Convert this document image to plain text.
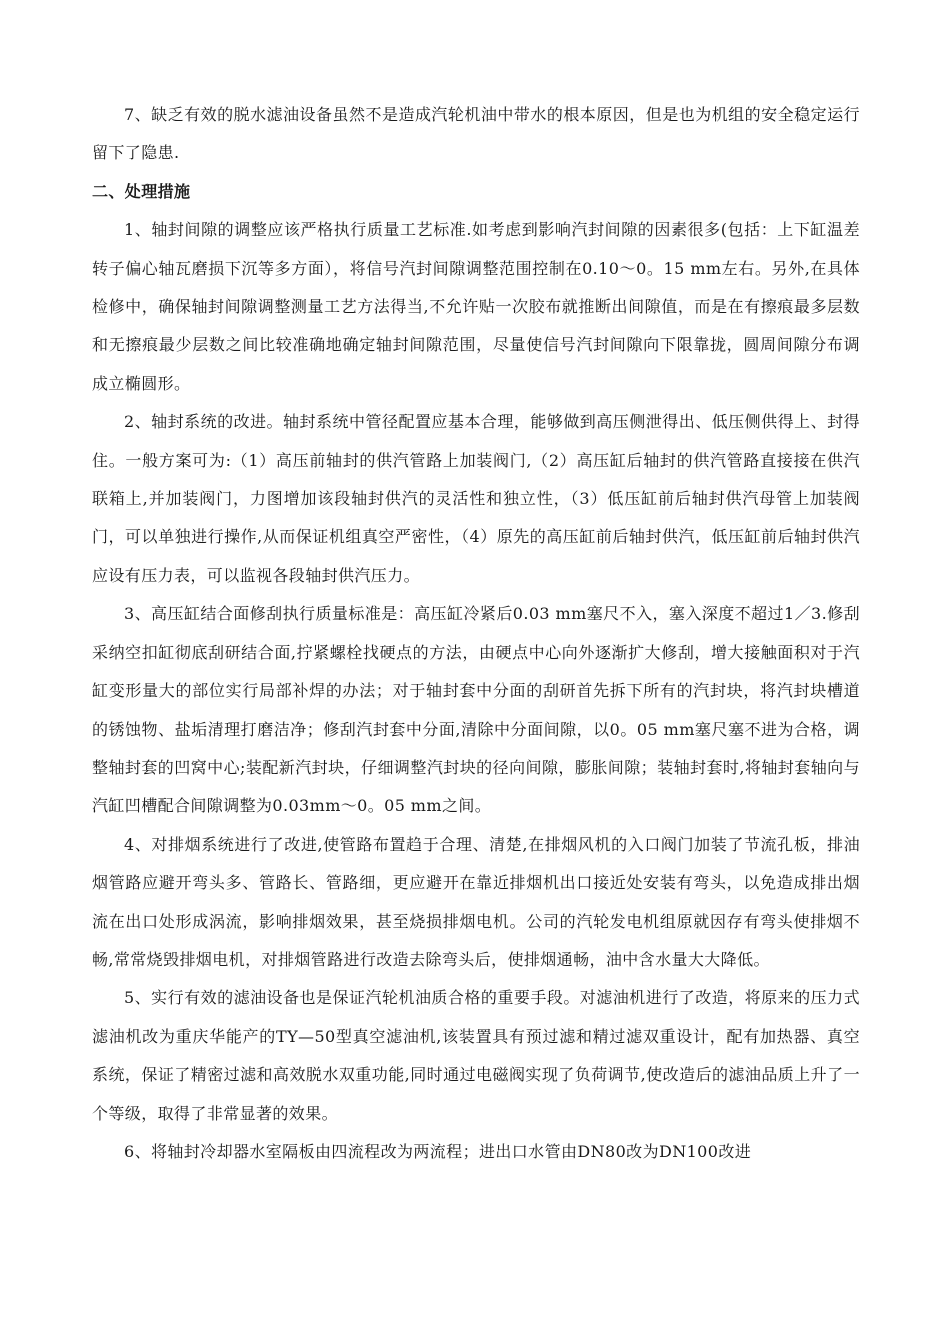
7、缺乏有效的脱水滤油设备虽然不是造成汽轮机油中带水的根本原因，但是也为机组的安全稳定运行留下了隐患.

二、处理措施

1、轴封间隙的调整应该严格执行质量工艺标准.如考虑到影响汽封间隙的因素很多(包括：上下缸温差转子偏心轴瓦磨损下沉等多方面），将信号汽封间隙调整范围控制在0.10～0。15 mm左右。另外,在具体检修中，确保轴封间隙调整测量工艺方法得当,不允许贴一次胶布就推断出间隙值，而是在有擦痕最多层数和无擦痕最少层数之间比较准确地确定轴封间隙范围，尽量使信号汽封间隙向下限靠拢，圆周间隙分布调成立椭圆形。

2、轴封系统的改进。轴封系统中管径配置应基本合理，能够做到高压侧泄得出、低压侧供得上、封得住。一般方案可为:（1）高压前轴封的供汽管路上加装阀门,（2）高压缸后轴封的供汽管路直接接在供汽联箱上,并加装阀门，力图增加该段轴封供汽的灵活性和独立性，（3）低压缸前后轴封供汽母管上加装阀门，可以单独进行操作,从而保证机组真空严密性，（4）原先的高压缸前后轴封供汽，低压缸前后轴封供汽应设有压力表，可以监视各段轴封供汽压力。

3、高压缸结合面修刮执行质量标准是：高压缸冷紧后0.03 mm塞尺不入，塞入深度不超过1／3.修刮采纳空扣缸彻底刮研结合面,拧紧螺栓找硬点的方法，由硬点中心向外逐渐扩大修刮，增大接触面积对于汽缸变形量大的部位实行局部补焊的办法；对于轴封套中分面的刮研首先拆下所有的汽封块，将汽封块槽道的锈蚀物、盐垢清理打磨洁净；修刮汽封套中分面,清除中分面间隙，以0。05 mm塞尺塞不进为合格，调整轴封套的凹窝中心;装配新汽封块，仔细调整汽封块的径向间隙，膨胀间隙；装轴封套时,将轴封套轴向与汽缸凹槽配合间隙调整为0.03mm～0。05 mm之间。

4、对排烟系统进行了改进,使管路布置趋于合理、清楚,在排烟风机的入口阀门加装了节流孔板，排油烟管路应避开弯头多、管路长、管路细，更应避开在靠近排烟机出口接近处安装有弯头，以免造成排出烟流在出口处形成涡流，影响排烟效果，甚至烧损排烟电机。公司的汽轮发电机组原就因存有弯头使排烟不畅,常常烧毁排烟电机，对排烟管路进行改造去除弯头后，使排烟通畅，油中含水量大大降低。

5、实行有效的滤油设备也是保证汽轮机油质合格的重要手段。对滤油机进行了改造，将原来的压力式滤油机改为重庆华能产的TY—50型真空滤油机,该装置具有预过滤和精过滤双重设计，配有加热器、真空系统，保证了精密过滤和高效脱水双重功能,同时通过电磁阀实现了负荷调节,使改造后的滤油品质上升了一个等级，取得了非常显著的效果。

6、将轴封冷却器水室隔板由四流程改为两流程；进出口水管由DN80改为DN100改进
